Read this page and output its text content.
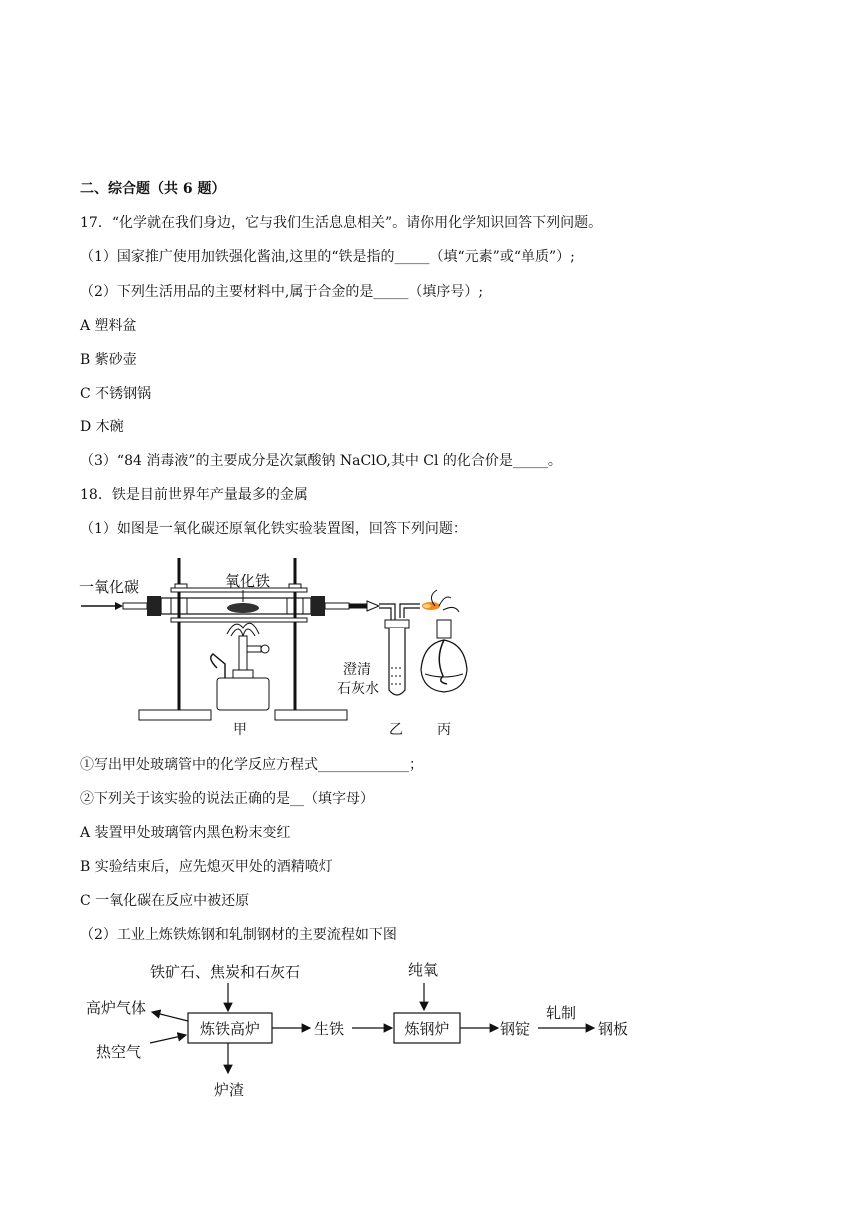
二、综合题（共 6 题）
17．“化学就在我们身边，它与我们生活息息相关”。请你用化学知识回答下列问题。
（1）国家推广使用加铁强化酱油,这里的“铁是指的_____（填“元素”或“单质”）;
（2）下列生活用品的主要材料中,属于合金的是_____（填序号）;
A 塑料盆
B 紫砂壶
C 不锈钢锅
D 木碗
（3）“84 消毒液”的主要成分是次氯酸钠 NaClO,其中 Cl 的化合价是_____。
18．铁是目前世界年产量最多的金属
（1）如图是一氧化碳还原氧化铁实验装置图，回答下列问题：
一氧化碳	氧化铁
甲
澄清
石灰水
乙 丙
①写出甲处玻璃管中的化学反应方程式_____________；
②下列关于该实验的说法正确的是__（填字母）
A 装置甲处玻璃管内黑色粉末变红
B 实验结束后，应先熄灭甲处的酒精喷灯
C 一氧化碳在反应中被还原
（2）工业上炼铁炼钢和轧制钢材的主要流程如下图
铁矿石、焦炭和石灰石
炼铁高炉
高炉气体
热空气
炉渣
生铁
纯氧
炼钢炉	钢锭
轧制
钢板
